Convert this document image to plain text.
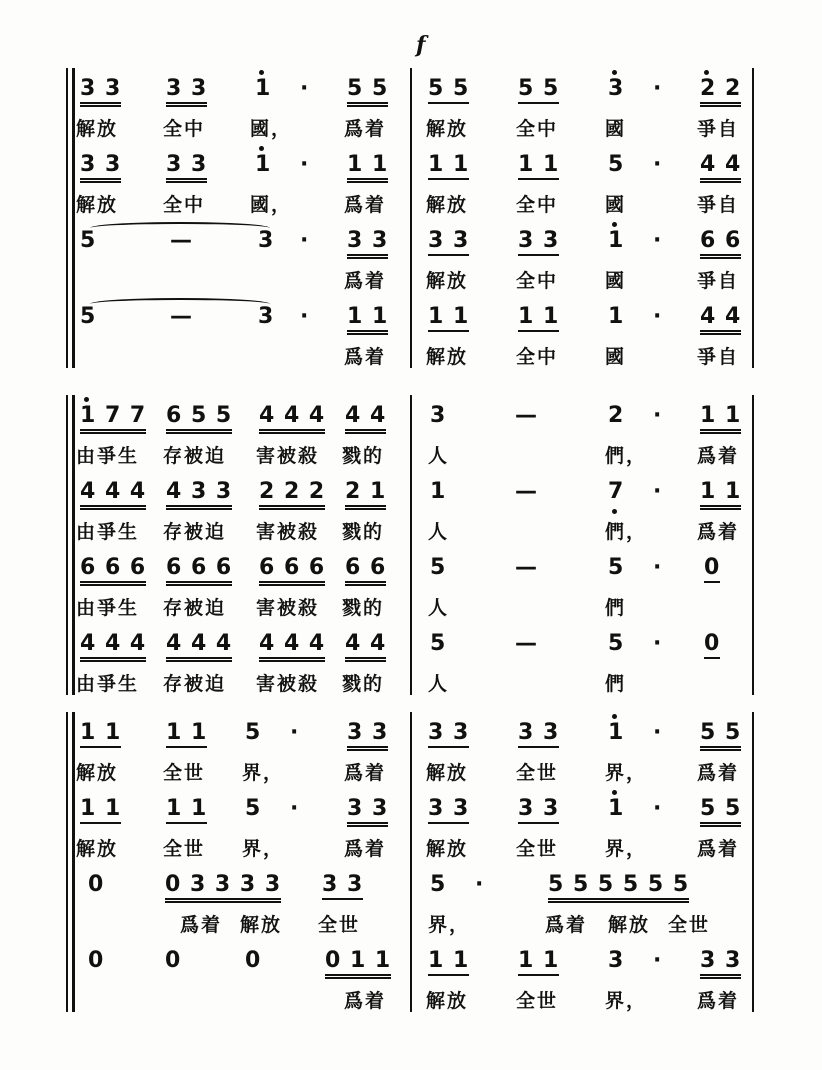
f
3 3 3 3 1 · 5 5 5 5 5 5 3 · 2 2
解放 全中 國，	爲着 解放	全中 國	爭自
3 3 3 3 1 · 1 1 1 1 1 1 5 · 4 4
解放 全中 國，	爲着 解放	全中 國	爭自
5	—	3 · 3 3 3 3 3 3 1 · 6 6
爲着 解放	全中 國	爭自
5	—	3 · 1 1 1 1 1 1 1 · 4 4
爲着 解放	全中 國	爭自
1 7 7 6 5 5 4 4 4 4 4 3	—	2 · 1 1
由爭生 存被迫 害被殺 戮的 人	們，	爲着
4 4 4 4 3 3 2 2 2 2 1 1	—	7 · 1 1
由爭生 存被迫 害被殺 戮的 人	們，	爲着
6 6 6 6 6 6 6 6 6 6 6 5	—	5 · 0
由爭生 存被迫 害被殺 戮的 人	們
4 4 4 4 4 4 4 4 4 4 4 5	—	5 · 0
由爭生 存被迫 害被殺 戮的 人	們
1 1 1 1 5 · 3 3 3 3 3 3 1 · 5 5
解放 全世 界，	爲着 解放	全世 界，	爲着
1 1 1 1 5 · 3 3 3 3 3 3 1 · 5 5
解放 全世 界，	爲着 解放	全世 界，	爲着
0	0 3 3 3 3 3 3	5 ·	5 5 5 5 5 5
爲着 解放 全世	界，	爲着 解放 全世
0	0	0	0 1 1 1 1 1 1 3 · 3 3
爲着 解放	全世 界，	爲着
